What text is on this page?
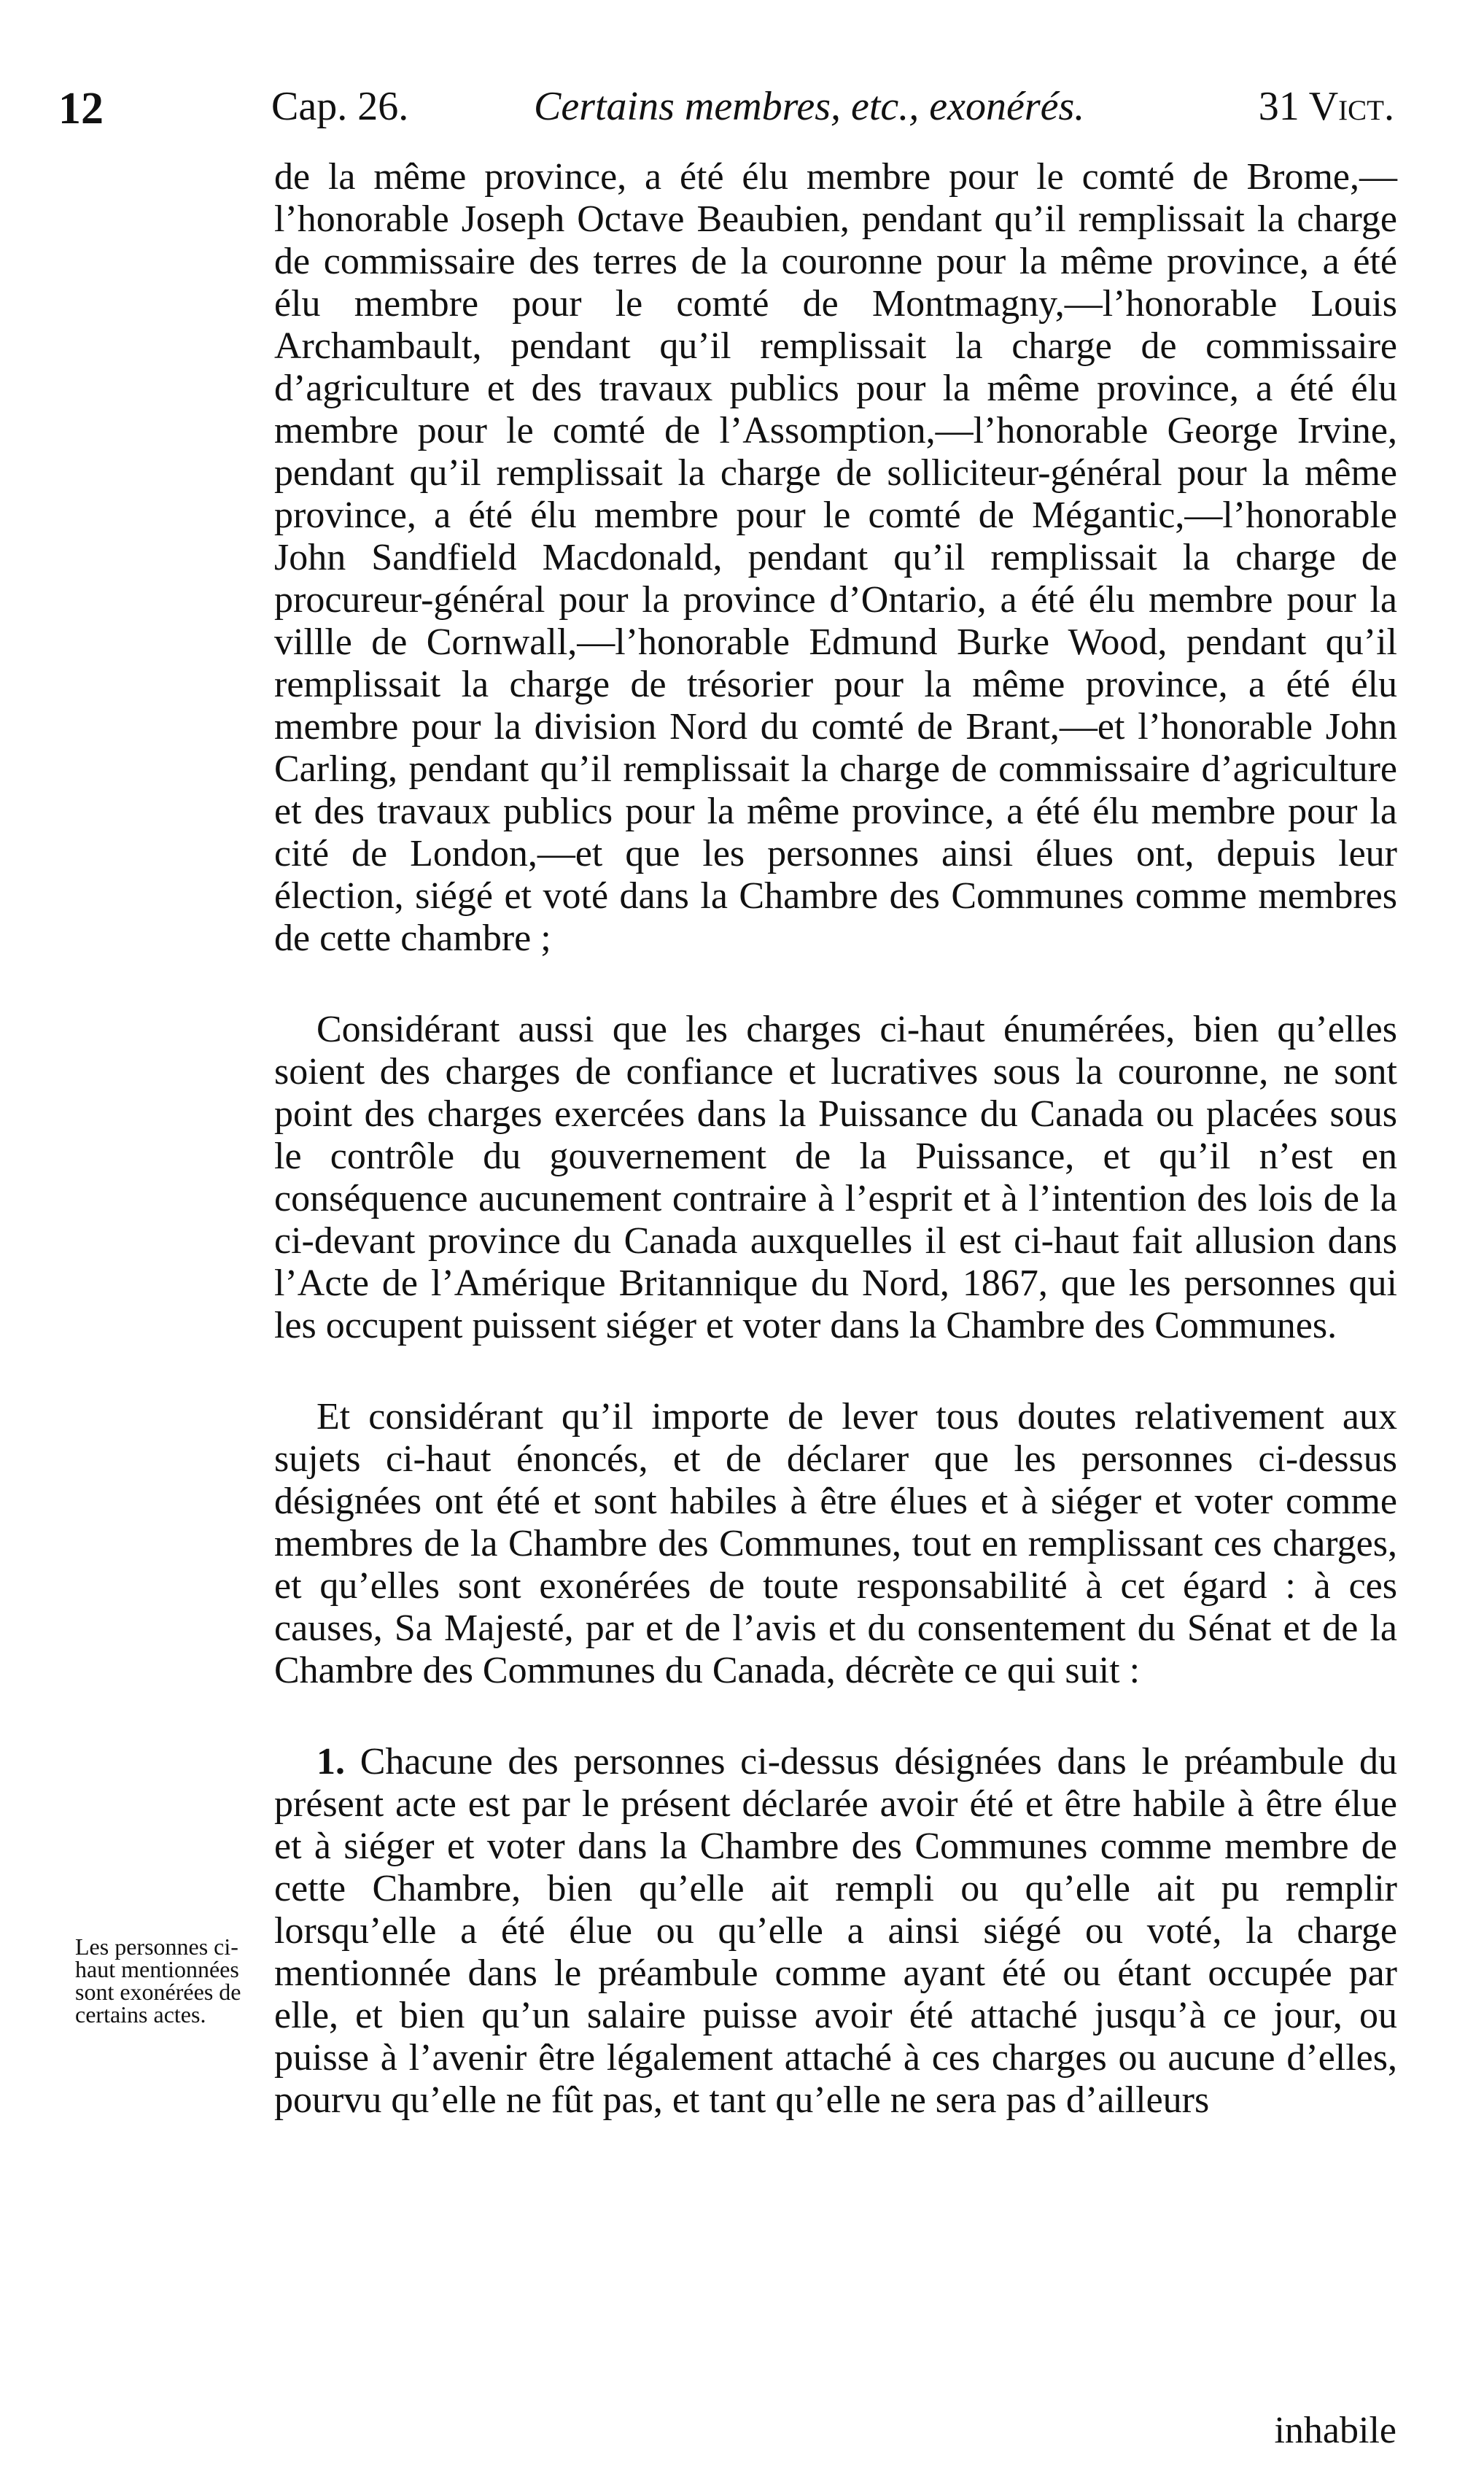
12	Cap. 26.	Certains membres, etc., exonérés.	31 Vict.

de la même province, a été élu membre pour le comté de Brome,—l’honorable Joseph Octave Beaubien, pendant qu’il remplissait la charge de commissaire des terres de la couronne pour la même province, a été élu membre pour le comté de Montmagny,—l’honorable Louis Archambault, pendant qu’il remplissait la charge de commissaire d’agriculture et des travaux publics pour la même province, a été élu membre pour le comté de l’Assomption,—l’honorable George Irvine, pendant qu’il remplissait la charge de solliciteur-général pour la même province, a été élu membre pour le comté de Mégantic,—l’honorable John Sandfield Macdonald, pendant qu’il remplissait la charge de procureur-général pour la province d’Ontario, a été élu membre pour la villle de Cornwall,—l’honorable Edmund Burke Wood, pendant qu’il remplissait la charge de trésorier pour la même province, a été élu membre pour la division Nord du comté de Brant,—et l’honorable John Carling, pendant qu’il remplissait la charge de commissaire d’agriculture et des travaux publics pour la même province, a été élu membre pour la cité de London,—et que les personnes ainsi élues ont, depuis leur élection, siégé et voté dans la Chambre des Communes comme membres de cette chambre ;

Considérant aussi que les charges ci-haut énumérées, bien qu’elles soient des charges de confiance et lucratives sous la couronne, ne sont point des charges exercées dans la Puissance du Canada ou placées sous le contrôle du gouvernement de la Puissance, et qu’il n’est en conséquence aucunement contraire à l’esprit et à l’intention des lois de la ci-devant province du Canada auxquelles il est ci-haut fait allusion dans l’Acte de l’Amérique Britannique du Nord, 1867, que les personnes qui les occupent puissent siéger et voter dans la Chambre des Communes.

Et considérant qu’il importe de lever tous doutes relativement aux sujets ci-haut énoncés, et de déclarer que les personnes ci-dessus désignées ont été et sont habiles à être élues et à siéger et voter comme membres de la Chambre des Communes, tout en remplissant ces charges, et qu’elles sont exonérées de toute responsabilité à cet égard : à ces causes, Sa Majesté, par et de l’avis et du consentement du Sénat et de la Chambre des Communes du Canada, décrète ce qui suit :

1. Chacune des personnes ci-dessus désignées dans le préambule du présent acte est par le présent déclarée avoir été et être habile à être élue et à siéger et voter dans la Chambre des Communes comme membre de cette Chambre, bien qu’elle ait rempli ou qu’elle ait pu remplir lorsqu’elle a été élue ou qu’elle a ainsi siégé ou voté, la charge mentionnée dans le préambule comme ayant été ou étant occupée par elle, et bien qu’un salaire puisse avoir été attaché jusqu’à ce jour, ou puisse à l’avenir être légalement attaché à ces charges ou aucune d’elles, pourvu qu’elle ne fût pas, et tant qu’elle ne sera pas d’ailleurs

Les personnes ci-haut mentionnées sont exonérées de certains actes.
inhabile
